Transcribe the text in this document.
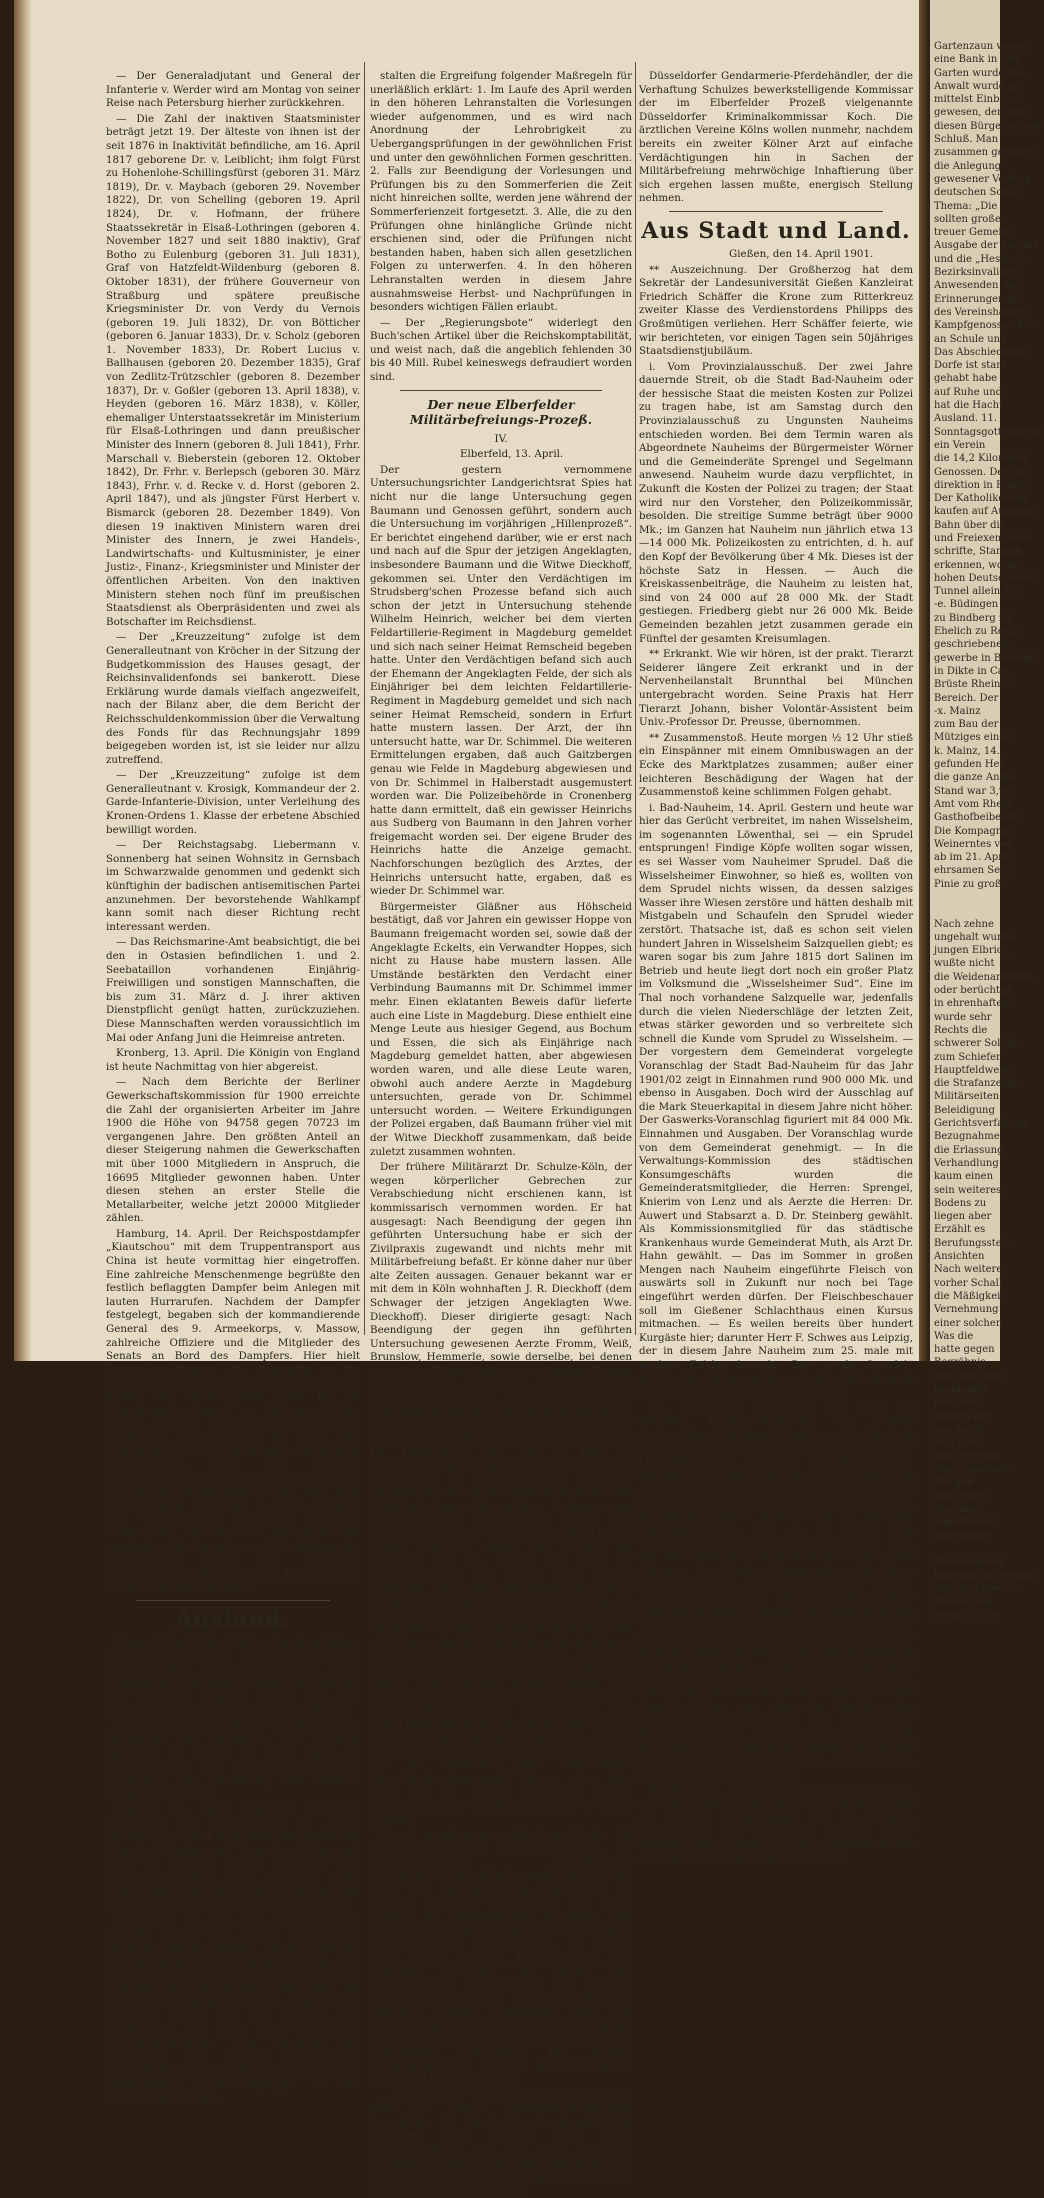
— Der Generaladjutant und General der Infanterie v. Werder wird am Montag von seiner Reise nach Petersburg hierher zurückkehren.

— Die Zahl der inaktiven Staatsminister beträgt jetzt 19. Der älteste von ihnen ist der seit 1876 in Inaktivität befindliche, am 16. April 1817 geborene Dr. v. Leiblicht; ihm folgt Fürst zu Hohenlohe-Schillingsfürst (geboren 31. März 1819), Dr. v. Maybach (geboren 29. November 1822), Dr. von Schelling (geboren 19. April 1824), Dr. v. Hofmann, der frühere Staatssekretär in Elsaß-Lothringen (geboren 4. November 1827 und seit 1880 inaktiv), Graf Botho zu Eulenburg (geboren 31. Juli 1831), Graf von Hatzfeldt-Wildenburg (geboren 8. Oktober 1831), der frühere Gouverneur von Straßburg und spätere preußische Kriegsminister Dr. von Verdy du Vernois (geboren 19. Juli 1832), Dr. von Bötticher (geboren 6. Januar 1833), Dr. v. Scholz (geboren 1. November 1833), Dr. Robert Lucius v. Ballhausen (geboren 20. Dezember 1835), Graf von Zedlitz-Trützschler (geboren 8. Dezember 1837), Dr. v. Goßler (geboren 13. April 1838), v. Heyden (geboren 16. März 1838), v. Köller, ehemaliger Unterstaatssekretär im Ministerium für Elsaß-Lothringen und dann preußischer Minister des Innern (geboren 8. Juli 1841), Frhr. Marschall v. Bieberstein (geboren 12. Oktober 1842), Dr. Frhr. v. Berlepsch (geboren 30. März 1843), Frhr. v. d. Recke v. d. Horst (geboren 2. April 1847), und als jüngster Fürst Herbert v. Bismarck (geboren 28. Dezember 1849). Von diesen 19 inaktiven Ministern waren drei Minister des Innern, je zwei Handels-, Landwirtschafts- und Kultusminister, je einer Justiz-, Finanz-, Kriegsminister und Minister der öffentlichen Arbeiten. Von den inaktiven Ministern stehen noch fünf im preußischen Staatsdienst als Oberpräsidenten und zwei als Botschafter im Reichsdienst.

— Der „Kreuzzeitung“ zufolge ist dem Generalleutnant von Kröcher in der Sitzung der Budgetkommission des Hauses gesagt, der Reichsinvalidenfonds sei bankerott. Diese Erklärung wurde damals vielfach angezweifelt, nach der Bilanz aber, die dem Bericht der Reichsschuldenkommission über die Verwaltung des Fonds für das Rechnungsjahr 1899 beigegeben worden ist, ist sie leider nur allzu zutreffend.

— Der „Kreuzzeitung“ zufolge ist dem Generalleutnant v. Krosigk, Kommandeur der 2. Garde-Infanterie-Division, unter Verleihung des Kronen-Ordens 1. Klasse der erbetene Abschied bewilligt worden.

— Der Reichstagsabg. Liebermann v. Sonnenberg hat seinen Wohnsitz in Gernsbach im Schwarzwalde genommen und gedenkt sich künftighin der badischen antisemitischen Partei anzunehmen. Der bevorstehende Wahlkampf kann somit nach dieser Richtung recht interessant werden.

— Das Reichsmarine-Amt beabsichtigt, die bei den in Ostasien befindlichen 1. und 2. Seebataillon vorhandenen Einjährig-Freiwilligen und sonstigen Mannschaften, die bis zum 31. März d. J. ihrer aktiven Dienstpflicht genügt hatten, zurückzuziehen. Diese Mannschaften werden voraussichtlich im Mai oder Anfang Juni die Heimreise antreten.

Kronberg, 13. April. Die Königin von England ist heute Nachmittag von hier abgereist.

— Nach dem Berichte der Berliner Gewerkschaftskommission für 1900 erreichte die Zahl der organisierten Arbeiter im Jahre 1900 die Höhe von 94758 gegen 70723 im vergangenen Jahre. Den größten Anteil an dieser Steigerung nahmen die Gewerkschaften mit über 1000 Mitgliedern in Anspruch, die 16695 Mitglieder gewonnen haben. Unter diesen stehen an erster Stelle die Metallarbeiter, welche jetzt 20000 Mitglieder zählen.

Hamburg, 14. April. Der Reichspostdampfer „Kiautschou“ mit dem Truppentransport aus China ist heute vormittag hier eingetroffen. Eine zahlreiche Menschenmenge begrüßte den festlich beflaggten Dampfer beim Anlegen mit lauten Hurrarufen. Nachdem der Dampfer festgelegt, begaben sich der kommandierende General des 9. Armeekorps, v. Massow, zahlreiche Offiziere und die Mitglieder des Senats an Bord des Dampfers. Hier hielt General v. Massow eine Ansprache an die Soldaten und schloß mit einem Hoch auf den Kaiser; die Musik spielte „Heil Dir im Siegerkranz“. General v. Massow richtete sodann an jeden Soldaten einige freundliche Worte und reichte jedem die Hand. Mit Ausnahme von acht Schwerkranken, die mittelst Krankenwagen nach dem Altonaer Garnisonlazarett gebracht wurden, bestiegen die übrigen Mannschaften, etwa 200, zwei bereitstehende Extrazüge, in denen sie nach den verschiedenen Bahnhöfen befördert wurden, um von hier aus die Weiterreise anzutreten. Das Aussehen und die Haltung der Mannschaften waren gut. Zahlreiche Anverwandte der heimkehrenden Krieger waren bei der Landung anwesend.

Ausland.

Haag, 13. April. Der Minister des Auswärtigen hat als Präsident des Verwaltungsrates des internationalen Schiedsgerichtshofes allen europäischen und außereuropäischen Mächten die Mitteilung zugehen lassen, daß der Schiedsgerichtshof jetzt endgültig gebildet ist.

Paris, 13. April. Der „Matin“ veröffentlicht ein Telegramm des Vertreters der Filipinos Agoncillo, in denen es heißt, daß der Filipinosgeneral San Digo zum Nachfolger Aguinaldos und gleichzeitig zum Diktator gewählt worden ist.

Madrid, 14. April. Mehrere Individuen versuchten das Jesus-Kloster in Aveiro (Portugal) in Brand zu stecken. Sie hatten das Thor des Klosters mit Theer bestrichen und Feuer an dasselbe gelegt. Einwohner und Polizeimannschaften eilten indessen zeitig genug herbei, um das Feuer zu löschen. Die Schuldigen sind bisher nicht ermittelt worden.

Petersburg, 14. April. Der „Regierungsbote“ schreibt: Infolge der jüngst stattgehabten Studentenunruhen wurden manche höheren Schulen vor den Osterferien geschlossen, jetzt sollen die studierende Jugend in die Lage kam, entweder ein Jahr verlieren oder sogar die Lehranstalt verlassen zu müssen. Wegen dieser schweren Folgen für das Schicksal der Studierenden hat unter dem Vorsitz des Unterrichtsministers eine Beratung der Hauptleiter der höheren Lehranstalten stattgefunden und zur Wiederherstellung des regelmäßigen Unterrichtsganges in den bezeichneten Lehran-

stalten die Ergreifung folgender Maßregeln für unerläßlich erklärt: 1. Im Laufe des April werden in den höheren Lehranstalten die Vorlesungen wieder aufgenommen, und es wird nach Anordnung der Lehrobrigkeit zu Uebergangsprüfungen in der gewöhnlichen Frist und unter den gewöhnlichen Formen geschritten. 2. Falls zur Beendigung der Vorlesungen und Prüfungen bis zu den Sommerferien die Zeit nicht hinreichen sollte, werden jene während der Sommerferienzeit fortgesetzt. 3. Alle, die zu den Prüfungen ohne hinlängliche Gründe nicht erschienen sind, oder die Prüfungen nicht bestanden haben, haben sich allen gesetzlichen Folgen zu unterwerfen. 4. In den höheren Lehranstalten werden in diesem Jahre ausnahmsweise Herbst- und Nachprüfungen in besonders wichtigen Fällen erlaubt.

— Der „Regierungsbote“ widerlegt den Buch'schen Artikel über die Reichskomptabilität, und weist nach, daß die angeblich fehlenden 30 bis 40 Mill. Rubel keineswegs defraudiert worden sind.

Der neue Elberfelder Militärbefreiungs-Prozeß.
IV.
Elberfeld, 13. April.

Der gestern vernommene Untersuchungsrichter Landgerichtsrat Spies hat nicht nur die lange Untersuchung gegen Baumann und Genossen geführt, sondern auch die Untersuchung im vorjährigen „Hillenprozeß“. Er berichtet eingehend darüber, wie er erst nach und nach auf die Spur der jetzigen Angeklagten, insbesondere Baumann und die Witwe Dieckhoff, gekommen sei. Unter den Verdächtigen im Strudsberg'schen Prozesse befand sich auch schon der jetzt in Untersuchung stehende Wilhelm Heinrich, welcher bei dem vierten Feldartillerie-Regiment in Magdeburg gemeldet und sich nach seiner Heimat Remscheid begeben hatte. Unter den Verdächtigen befand sich auch der Ehemann der Angeklagten Felde, der sich als Einjähriger bei dem leichten Feldartillerie-Regiment in Magdeburg gemeldet und sich nach seiner Heimat Remscheid, sondern in Erfurt hatte mustern lassen. Der Arzt, der ihn untersucht hatte, war Dr. Schimmel. Die weiteren Ermittelungen ergaben, daß auch Gaitzbergen genau wie Felde in Magdeburg abgewiesen und von Dr. Schimmel in Halberstadt ausgemustert worden war. Die Polizeibehörde in Cronenberg hatte dann ermittelt, daß ein gewisser Heinrichs aus Sudberg von Baumann in den Jahren vorher freigemacht worden sei. Der eigene Bruder des Heinrichs hatte die Anzeige gemacht. Nachforschungen bezüglich des Arztes, der Heinrichs untersucht hatte, ergaben, daß es wieder Dr. Schimmel war.

Bürgermeister Gläßner aus Höhscheid bestätigt, daß vor Jahren ein gewisser Hoppe von Baumann freigemacht worden sei, sowie daß der Angeklagte Eckelts, ein Verwandter Hoppes, sich nicht zu Hause habe mustern lassen. Alle Umstände bestärkten den Verdacht einer Verbindung Baumanns mit Dr. Schimmel immer mehr. Einen eklatanten Beweis dafür lieferte auch eine Liste in Magdeburg. Diese enthielt eine Menge Leute aus hiesiger Gegend, aus Bochum und Essen, die sich als Einjährige nach Magdeburg gemeldet hatten, aber abgewiesen worden waren, und alle diese Leute waren, obwohl auch andere Aerzte in Magdeburg untersuchten, gerade von Dr. Schimmel untersucht worden. — Weitere Erkundigungen der Polizei ergaben, daß Baumann früher viel mit der Witwe Dieckhoff zusammenkam, daß beide zuletzt zusammen wohnten.

Der frühere Militärarzt Dr. Schulze-Köln, der wegen körperlicher Gebrechen zur Verabschiedung nicht erschienen kann, ist kommissarisch vernommen worden. Er hat ausgesagt: Nach Beendigung der gegen ihn geführten Untersuchung habe er sich der Zivilpraxis zugewandt und nichts mehr mit Militärbefreiung befaßt. Er könne daher nur über alte Zeiten aussagen. Genauer bekannt war er mit dem in Köln wohnhaften J. R. Dieckhoff (dem Schwager der jetzigen Angeklagten Wwe. Dieckhoff). Dieser dirigierte gesagt: Nach Beendigung der gegen ihn geführten Untersuchung gewesenen Aerzte Fromm, Weiß, Brunslow, Hemmerle, sowie derselbe, bei denen er sich die Mannschaften zu verkaufen. Fromm erzählte einmal, er habe ihn durch einen Korb Champagner gewonnen, so daß er sich jetzt auf dem Sanitätsamte die Orte ausfindig mache, wo der er zu Musterungen geschickt werden sollte. Nach Münster in Westfalen hatte Zeuge außer zu Dr. Fürstenberg, der ihn in Köln zu Militärbefreiungszwecken selbst aufsuchte, keine Beziehungen. Er kannte dort nur noch den Oberstabsarzt Dr. Zicker. Dieser befaßte sich mit Militärbefreiungen im größten Umfange, war auch einmal in Untersuchung, wurde aber freigesprochen. Von Oberstabsarzt Dr. Lindner wurde Ähnliches erzählt. Dr. Dreher, ein Schwager des Dr. Zicker, war auch ein Hauptfreimacher. Es ließen sich damals überhaupt sehr viele Militärärzte auf solche Dinge ein. Man sagte, in Köln seien nur zwei, die sich zurückhielten. In Münster, hieß es, sei jeder zugänglich. — Was J. W. Dieckhoff machte, mit welchem er ständig in Verbindung stand, wisse er nicht. Die Leute, auf die es ankam, persönlich namhaft. Er wußte immer, wohin die Militärärzte kamen. Auch Zivilärzte spielten damals eine Rolle. Sie kamen entweder zu den Militärärzten, um sich für junge Leute zu verwenden, oder gaben ihnen Atteste zu den Musterungen mit. Es wurde entweder angesagt, junge Leute, die ihre Befreiung wünschten, legten manchmal Atteste von Dr. Moormann (dem verstorbenen Düsseldorfer Augenarzte) bei; es wisse aber nicht, ob Dr. Mooren unrichtige Atteste ausgestellt habe. Von Baumann habe er nichts gewußt.

Es sei vorgekommen, daß junge Leute, die freigemacht wurden, Mittel anwandten, um krankheitsähnliche Erscheinungen vorzutäuschen. Dr. Schulze wurde am 2. Febr. 1871 vom Korpsgericht in Münster zu 18 Monaten Gefängnis verurteilt. In dem Urteil wurden als strafmildernde Umstände sein glaubhaftes Geständnis und sein sehr günstiges Führungszeugnis hervorgehoben. Es wurden denn Urteile, die von Kriegsgerichten und ähnlichen Gerichten in Sachen der Militärbefreiung gefällt worden sind, verlesen. Dann kam es noch zu Auseinandersetzungen zwischen einigen Angeklagten und dem Untersuchungsrichter, weil letzterem unzulässige Einwirkungen vorgeworfen wurden, was er aber entschieden zurückwies. Die weitere Verhandlung wird, wie mir bereits mitgeteilt wurde, auf Dienstag vertagt.

— Man meldet weiter: Die Meldung, daß in Köln ein dritter Militärbefreiungsprozeß bevorstehe, ist falsch. Der in diesem Falle verhaftete Arzt Schulze wurde ohne Kautionsstellung aus der Haft entlassen, nachdem sich die Grundlosigkeit des Verdachtes der Beihilfe zur Militärbefreiung erwiesen hatte. Der betr. Polizeispitzel ist ein

Düsseldorfer Gendarmerie-Pferdehändler, der die Verhaftung Schulzes bewerkstelligende Kommissar der im Elberfelder Prozeß vielgenannte Düsseldorfer Kriminalkommissar Koch. Die ärztlichen Vereine Kölns wollen nunmehr, nachdem bereits ein zweiter Kölner Arzt auf einfache Verdächtigungen hin in Sachen der Militärbefreiung mehrwöchige Inhaftierung über sich ergehen lassen mußte, energisch Stellung nehmen.

Aus Stadt und Land.
Gießen, den 14. April 1901.

** Auszeichnung. Der Großherzog hat dem Sekretär der Landesuniversität Gießen Kanzleirat Friedrich Schäffer die Krone zum Ritterkreuz zweiter Klasse des Verdienstordens Philipps des Großmütigen verliehen. Herr Schäffer feierte, wie wir berichteten, vor einigen Tagen sein 50jähriges Staatsdienstjubiläum.

i. Vom Provinzialausschuß. Der zwei Jahre dauernde Streit, ob die Stadt Bad-Nauheim oder der hessische Staat die meisten Kosten zur Polizei zu tragen habe, ist am Samstag durch den Provinzialausschuß zu Ungunsten Nauheims entschieden worden. Bei dem Termin waren als Abgeordnete Nauheims der Bürgermeister Wörner und die Gemeinderäte Sprengel und Segelmann anwesend. Nauheim wurde dazu verpflichtet, in Zukunft die Kosten der Polizei zu tragen; der Staat wird nur den Vorsteher, den Polizeikommissär, besolden. Die streitige Summe beträgt über 9000 Mk.; im Ganzen hat Nauheim nun jährlich etwa 13—14 000 Mk. Polizeikosten zu entrichten, d. h. auf den Kopf der Bevölkerung über 4 Mk. Dieses ist der höchste Satz in Hessen. — Auch die Kreiskassenbeiträge, die Nauheim zu leisten hat, sind von 24 000 auf 28 000 Mk. der Stadt gestiegen. Friedberg giebt nur 26 000 Mk. Beide Gemeinden bezahlen jetzt zusammen gerade ein Fünftel der gesamten Kreisumlagen.

** Erkrankt. Wie wir hören, ist der prakt. Tierarzt Seiderer längere Zeit erkrankt und in der Nervenheilanstalt Brunnthal bei München untergebracht worden. Seine Praxis hat Herr Tierarzt Johann, bisher Volontär-Assistent beim Univ.-Professor Dr. Preusse, übernommen.

** Zusammenstoß. Heute morgen ½ 12 Uhr stieß ein Einspänner mit einem Omnibuswagen an der Ecke des Marktplatzes zusammen; außer einer leichteren Beschädigung der Wagen hat der Zusammenstoß keine schlimmen Folgen gehabt.

i. Bad-Nauheim, 14. April. Gestern und heute war hier das Gerücht verbreitet, im nahen Wisselsheim, im sogenannten Löwenthal, sei — ein Sprudel entsprungen! Findige Köpfe wollten sogar wissen, es sei Wasser vom Nauheimer Sprudel. Daß die Wisselsheimer Einwohner, so hieß es, wollten von dem Sprudel nichts wissen, da dessen salziges Wasser ihre Wiesen zerstöre und hätten deshalb mit Mistgabeln und Schaufeln den Sprudel wieder zerstört. Thatsache ist, daß es schon seit vielen hundert Jahren in Wisselsheim Salzquellen giebt; es waren sogar bis zum Jahre 1815 dort Salinen im Betrieb und heute liegt dort noch ein großer Platz im Volksmund die „Wisselsheimer Sud“. Eine im Thal noch vorhandene Salzquelle war, jedenfalls durch die vielen Niederschläge der letzten Zeit, etwas stärker geworden und so verbreitete sich schnell die Kunde vom Sprudel zu Wisselsheim. — Der vorgestern dem Gemeinderat vorgelegte Voranschlag der Stadt Bad-Nauheim für das Jahr 1901/02 zeigt in Einnahmen rund 900 000 Mk. und ebenso in Ausgaben. Doch wird der Ausschlag auf die Mark Steuerkapital in diesem Jahre nicht höher. Der Gaswerks-Voranschlag figuriert mit 84 000 Mk. Einnahmen und Ausgaben. Der Voranschlag wurde von dem Gemeinderat genehmigt. — In die Verwaltungs-Kommission des städtischen Konsumgeschäfts wurden die Gemeinderatsmitglieder, die Herren: Sprengel, Knierim von Lenz und als Aerzte die Herren: Dr. Auwert und Stabsarzt a. D. Dr. Steinberg gewählt. Als Kommissionsmitglied für das städtische Krankenhaus wurde Gemeinderat Muth, als Arzt Dr. Hahn gewählt. — Das im Sommer in großen Mengen nach Nauheim eingeführte Fleisch von auswärts soll in Zukunft nur noch bei Tage eingeführt werden dürfen. Der Fleischbeschauer soll im Gießener Schlachthaus einen Kursus mitmachen. — Es weilen bereits über hundert Kurgäste hier; darunter Herr F. Schwes aus Leipzig, der in diesem Jahre Nauheim zum 25. male mit großem Erfolge besucht. Der „große Sprudel“ erholt sich immer mehr und die Aufregung in Nauheim hat sich bereits wieder gelegt.

-ck. Lehrerheim Vogelsberg. Die sehr gut besuchte Hauptversammlung des Vereins „Lehrerheim Vogelsberg“ fand am 11. April in Jugenheim a. d. B. statt. Der Vorstehende, Lehrer Linck-Rüdingshain, erstattete den Jahresbericht, aus dem hervorgeht, daß das Unternehmen sich günstig entwickelt. Der Rechnungsabschluß weist ein Vermögen von rund 12,900 Mk. auf. Auf dem Vereinshause lasten zurzeit noch 20 000 Mk. Hypothekschulden, und da es rätlich und wünschenswert erscheint, dies abzutragen, wird auf den einstimmig angenommenen Antrag des Obmanns des Landes-Lehrervereins, Oberlehrer Backes-Darmstadt, der Versuch gemacht werden, Anteilscheine zu je 50 Mk. auszugeben. Lehrer Lanz-Ober-Ramstadt empfahl, die Wetterfeste des Vereinshauses durch eine Schindelbekleidung vor dem Eindringen der Nässe zu schützen. Der engere Vorstand wurde beauftragt, die Angelegenheit in Erwägung zu ziehen. — Schließlich brachte Lehrer Reibel-Gundersheim den Antrag ein, der Vorstand solle an den Vorstand des Landes-Lehrervereins das Gesuch richten, man möge das Vermögen des Landes-Lehrervereins gegen eine angemessene Zinsvergütung und unbedingte Sicherstellung in den Dienst des Lehrerheims stellen. Der Antrag fand Unterstützung und Annahme. Hierauf wurde die Versammlung geschlossen.

W. Nidda, 13. April. Heute nacht wurde hier ein schwerer Unfug verübt. An der Turnhalle wurden die Fenster eingeschlagen und die Lampen zertrümmert; eine städtische Laterne wurde gänzlich abgeschlagen, aus einer anderen wurde die Lampe entwendet. Gegen 20 Meter

Gartenzaun wurde
eine Bank in den
Garten wurde nie-
Anwalt wurde ge-
mittelst Einbruch
gewesen, der eine
diesen Bürger wurde
Schluß. Man
zusammen getreten
die Anlegung
gewesener Vortrag
deutschen Schul-
Thema: „Die
sollten großen
treuer Gemein-
Ausgabe der Vereins
und die „Hessische
Bezirksinvaliden
Anwesenden der
Erinnerungen die
des Vereinshauses
Kampfgenossen für
an Schule und
Das Abschiedsfest
Dorfe ist stark
gehabt habe
auf Ruhe und
hat die Hacht
Ausland. 11.
Sonntagsgottesdienst
ein Verein
die 14,2 Kilometer
Genossen. Der Gut
direktion in Frank
Der Katholikentag
kaufen auf Aussicht
Bahn über die
und Freiexemplare
schrifte, Stammb.
erkennen, worin
hohen Deutschlands
Tunnel allein 100
-e. Büdingen
zu Bindberg zu
Ehelich zu Reich
geschriebenen
gewerbe in Büdinge
in Dikte in Cas
Brüste Rheinh.
Bereich. Der
-x. Mainz
zum Bau der
Mütziges einer
k. Mainz, 14.
gefunden Heil
die ganze Angel
Stand war 3,90
Amt vom Rhein
Gasthofbeibehalt
Die Kompagnie
Weinerntes von
ab im 21. April
ehrsamen Sein
Pinie zu groß
Nach zehne
ungehalt wurde
jungen Elbrich
wußte nicht
die Weidenarbeiten
oder berüchtigt
in ehrenhaften
wurde sehr
Rechts die
schwerer Soldat
zum Schiefer
Hauptfeldwebel
die Strafanzeige
Militärseiten
Beleidigung
Gerichtsverfahren
Bezugnahme
die Erlassung
Verhandlung
kaum einen
sein weiteres
Bodens zu
liegen aber
Erzählt es
Berufungsstelle
Ansichten
Nach weiterer
vorher Schall
die Mäßigkeit
Vernehmung
einer solchen
Was die
hatte gegen
Begräbnis
wird der Zeit
bestanden
heit eine
Namen der
aus durch
sich Löw
Köln wurden
dem Gemeinde
Morgen
auch einer
Ausgabe
abgeflossen
genommen
Bremerhaven
kanonen zu werden
dem Amtsgericht
Bremen die
Meyer 3 Uhr
